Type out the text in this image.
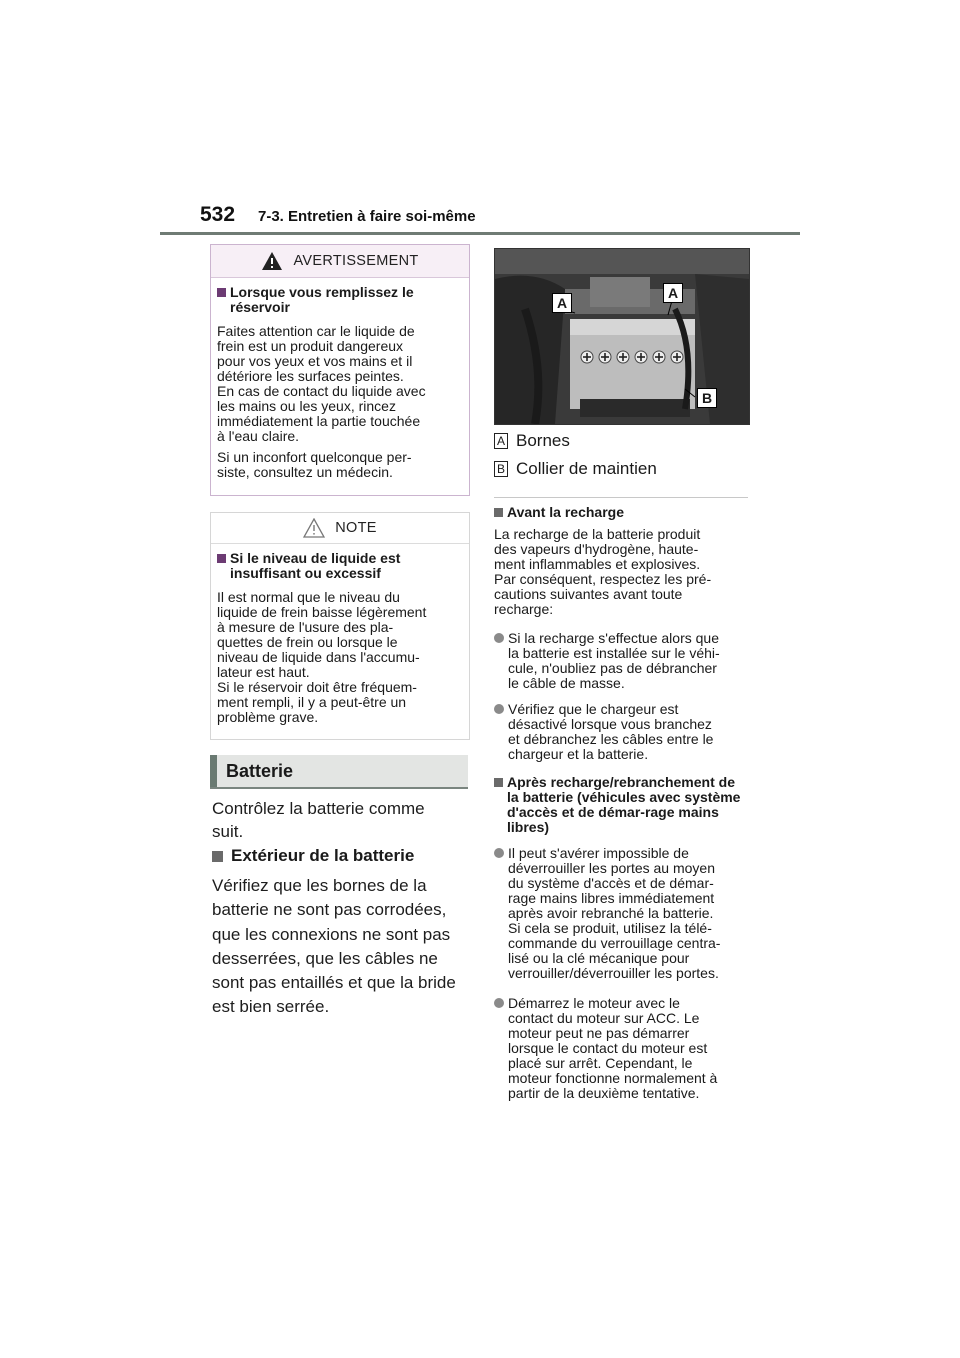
532 7-3. Entretien à faire soi-même
AVERTISSEMENT
Lorsque vous remplissez le réservoir
Faites attention car le liquide de
frein est un produit dangereux
pour vos yeux et vos mains et il
détériore les surfaces peintes.
En cas de contact du liquide avec
les mains ou les yeux, rincez
immédiatement la partie touchée
à l'eau claire.
Si un inconfort quelconque per-
siste, consultez un médecin.
NOTE
Si le niveau de liquide est insuffisant ou excessif
Il est normal que le niveau du
liquide de frein baisse légèrement
à mesure de l'usure des pla-
quettes de frein ou lorsque le
niveau de liquide dans l'accumu-
lateur est haut.
Si le réservoir doit être fréquem-
ment rempli, il y a peut-être un
problème grave.
Batterie
Contrôlez la batterie comme
suit.
Extérieur de la batterie
Vérifiez que les bornes de la
batterie ne sont pas corrodées,
que les connexions ne sont pas
desserrées, que les câbles ne
sont pas entaillés et que la bride
est bien serrée.
A
A
B
A Bornes
B Collier de maintien
Avant la recharge
La recharge de la batterie produit
des vapeurs d'hydrogène, haute-
ment inflammables et explosives.
Par conséquent, respectez les pré-
cautions suivantes avant toute
recharge:
Si la recharge s'effectue alors que
la batterie est installée sur le véhi-
cule, n'oubliez pas de débrancher
le câble de masse.
Vérifiez que le chargeur est
désactivé lorsque vous branchez
et débranchez les câbles entre le
chargeur et la batterie.
Après recharge/rebranchement de la batterie (véhicules avec système d'accès et de démar-rage mains libres)
Il peut s'avérer impossible de
déverrouiller les portes au moyen
du système d'accès et de démar-
rage mains libres immédiatement
après avoir rebranché la batterie.
Si cela se produit, utilisez la télé-
commande du verrouillage centra-
lisé ou la clé mécanique pour
verrouiller/déverrouiller les portes.
Démarrez le moteur avec le
contact du moteur sur ACC. Le
moteur peut ne pas démarrer
lorsque le contact du moteur est
placé sur arrêt. Cependant, le
moteur fonctionne normalement à
partir de la deuxième tentative.
